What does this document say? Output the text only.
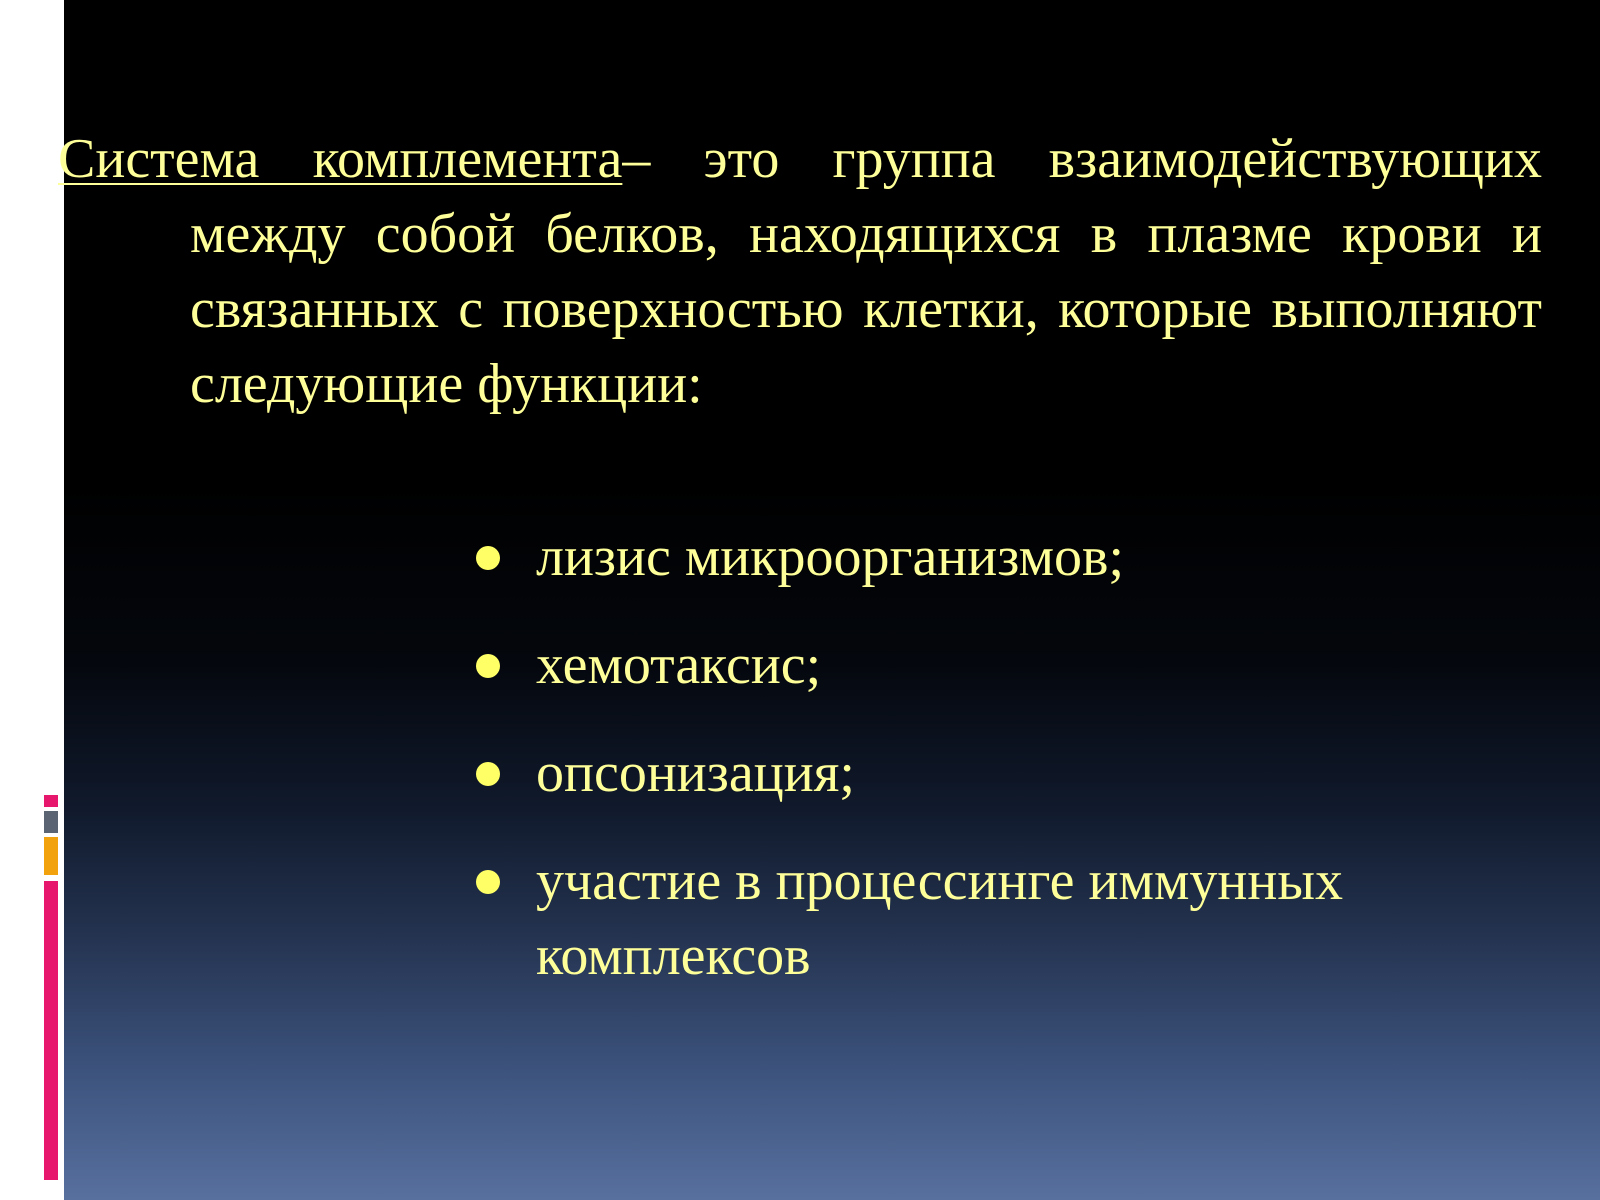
Система комплемента– это группа взаимодействующих между собой белков, находящихся в плазме крови и связанных с поверхностью клетки, которые выполняют следующие функции:

лизис микроорганизмов;
хемотаксис;
опсонизация;
участие в процессинге иммунных комплексов
